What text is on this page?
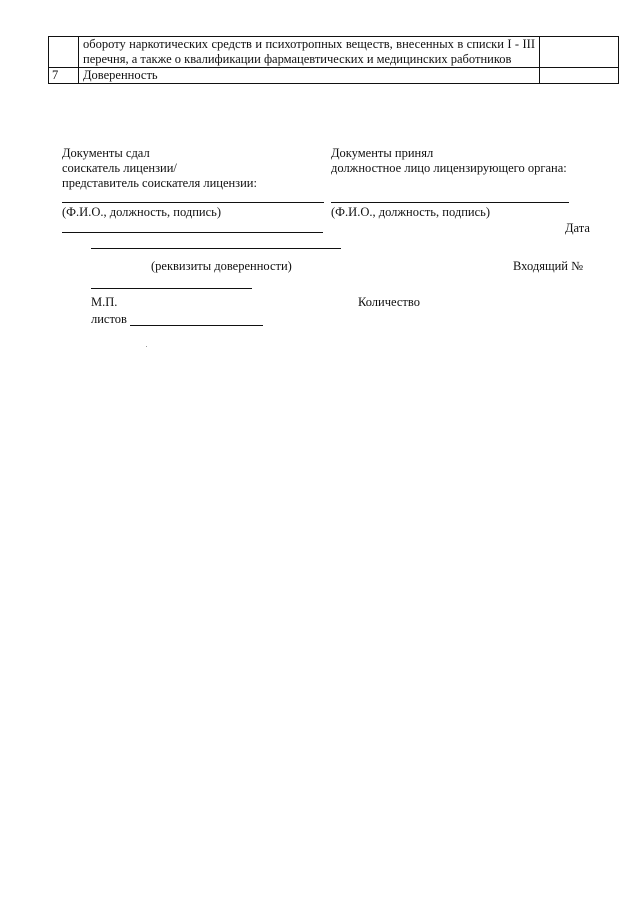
	обороту наркотических средств и психотропных веществ, внесенных в списки I - III перечня, а также о квалификации фармацевтических и медицинских работников	
7	Доверенность	
Документы сдал
соискатель лицензии/
представитель соискателя лицензии:
(Ф.И.О., должность, подпись)
Документы принял
должностное лицо лицензирующего органа:
(Ф.И.О., должность, подпись)
Дата
(реквизиты доверенности)	Входящий №
М.П.	Количество
листов
